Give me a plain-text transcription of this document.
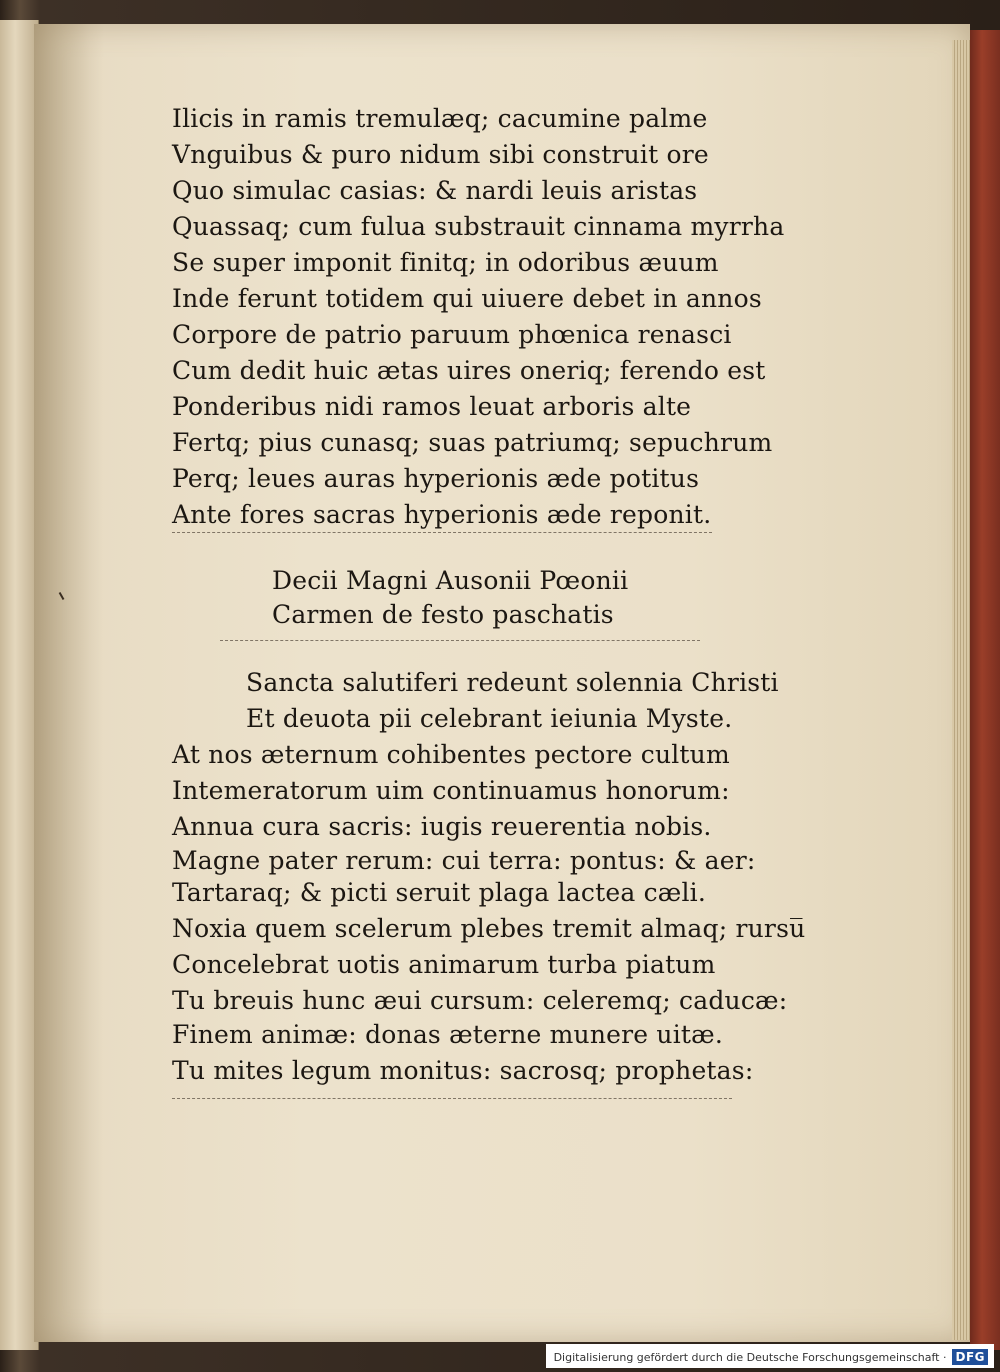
Ilicis in ramis tremulæq; cacumine palme
Vnguibus & puro nidum sibi construit ore
Quo simulac casias: & nardi leuis aristas
Quassaq; cum fulua substrauit cinnama myrrha
Se super imponit finitq; in odoribus æuum
Inde ferunt totidem qui uiuere debet in annos
Corpore de patrio paruum phœnica renasci
Cum dedit huic ætas uires oneriq; ferendo est
Ponderibus nidi ramos leuat arboris alte
Fertq; pius cunasq; suas patriumq; sepuchrum
Perq; leues auras hyperionis æde potitus
Ante fores sacras hyperionis æde reponit.
Decii Magni Ausonii Pœonii
Carmen de festo paschatis
Sancta salutiferi redeunt solennia Christi
Et deuota pii celebrant ieiunia Myste.
At nos æternum cohibentes pectore cultum
Intemeratorum uim continuamus honorum:
Annua cura sacris: iugis reuerentia nobis.
Magne pater rerum: cui terra: pontus: & aer:
Tartaraq; & picti seruit plaga lactea cæli.
Noxia quem scelerum plebes tremit almaq; rursu̅
Concelebrat uotis animarum turba piatum
Tu breuis hunc æui cursum: celeremq; caducæ:
Finem animæ: donas æterne munere uitæ.
Tu mites legum monitus: sacrosq; prophetas:
Digitalisierung gefördert durch die Deutsche Forschungsgemeinschaft · DFG
